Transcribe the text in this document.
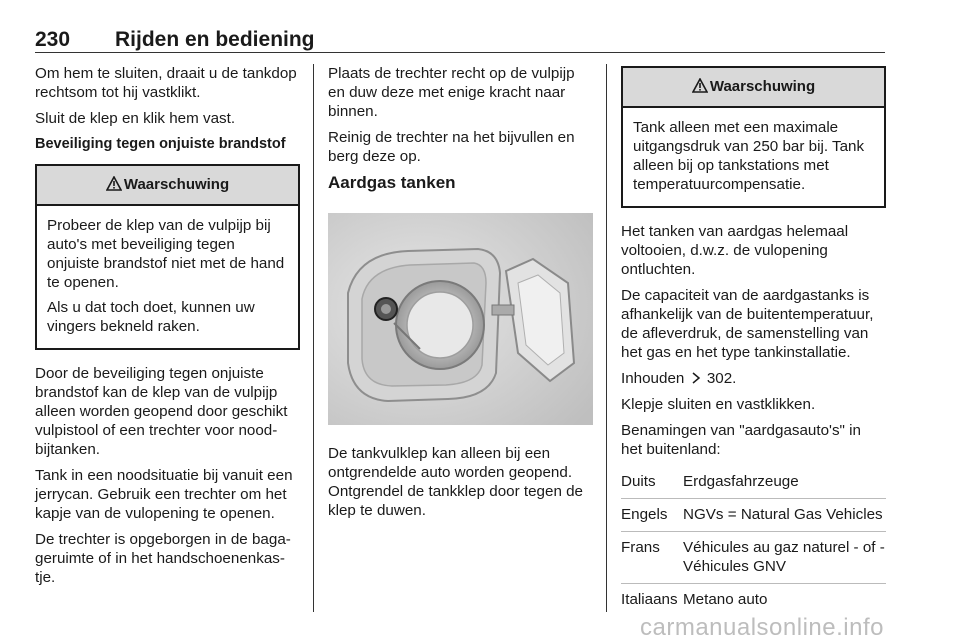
230 Rijden en bediening

Om hem te sluiten, draait u de tankdop rechtsom tot hij vastklikt.

Sluit de klep en klik hem vast.

Beveiliging tegen onjuiste brandstof

Waarschuwing

Probeer de klep van de vulpijp bij auto's met beveiliging tegen onjuiste brandstof niet met de hand te openen.

Als u dat toch doet, kunnen uw vingers bekneld raken.

Door de beveiliging tegen onjuiste brandstof kan de klep van de vulpijp alleen worden geopend door geschikt vulpistool of een trechter voor noodbijtanken.

Tank in een noodsituatie bij vanuit een jerrycan. Gebruik een trechter om het kapje van de vulopening te openen.

De trechter is opgeborgen in de bagageruimte of in het handschoenenkastje.

Plaats de trechter recht op de vulpijp en duw deze met enige kracht naar binnen.

Reinig de trechter na het bijvullen en berg deze op.

Aardgas tanken

De tankvulklep kan alleen bij een ontgrendelde auto worden geopend. Ontgrendel de tankklep door tegen de klep te duwen.

Waarschuwing

Tank alleen met een maximale uitgangsdruk van 250 bar bij. Tank alleen bij op tankstations met temperatuurcompensatie.

Het tanken van aardgas helemaal voltooien, d.w.z. de vulopening ontluchten.

De capaciteit van de aardgastanks is afhankelijk van de buitentemperatuur, de afleverdruk, de samenstelling van het gas en het type tankinstallatie.

Inhouden 302.

Klepje sluiten en vastklikken.

Benamingen van "aardgasauto's" in het buitenland:

Duits	Erdgasfahrzeuge
Engels	NGVs = Natural Gas Vehicles
Frans	Véhicules au gaz naturel - of - Véhicules GNV
Italiaans	Metano auto
carmanualsonline.info
